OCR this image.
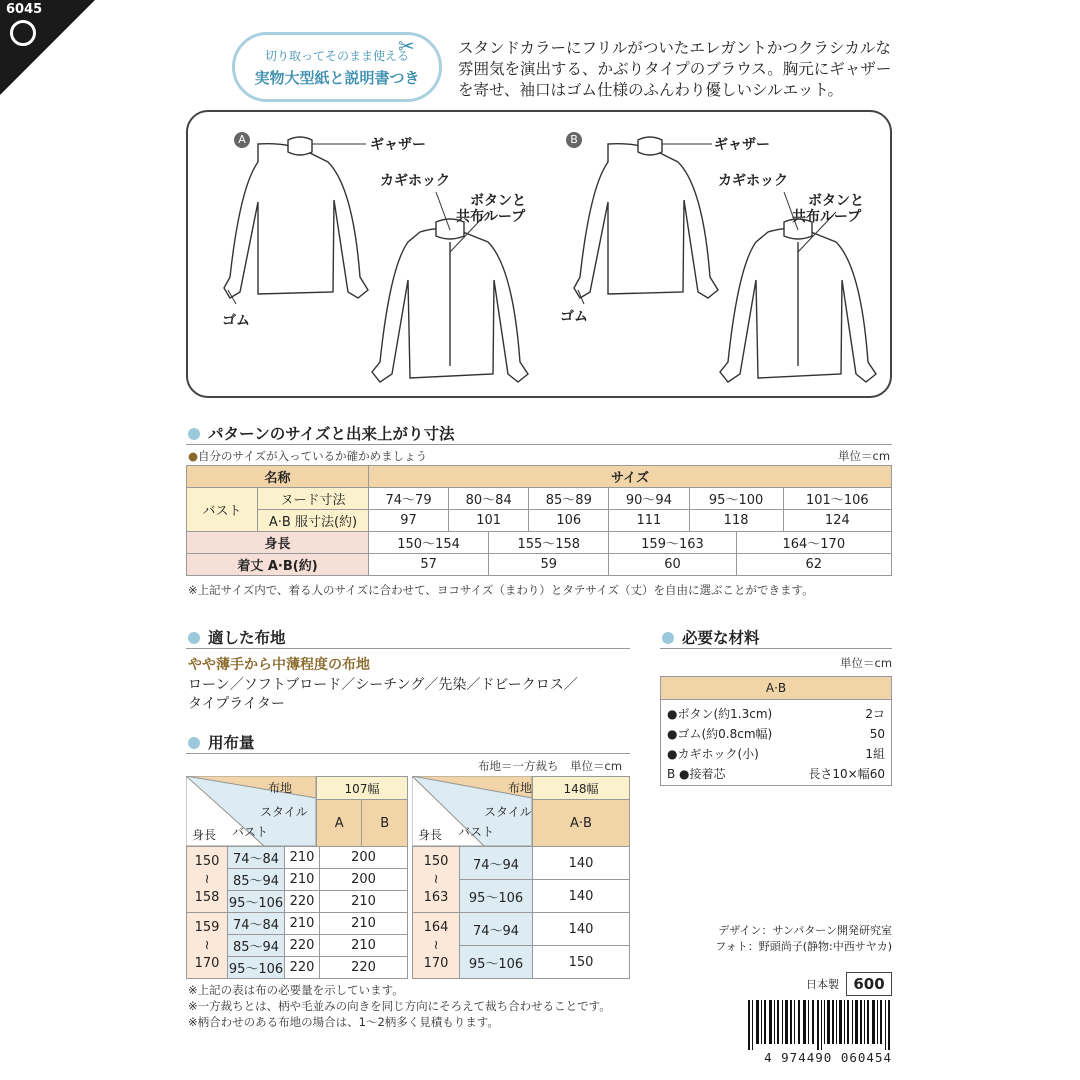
6045
切り取ってそのまま使える
実物大型紙と説明書つき
✂	スタンドカラーにフリルがついたエレガントかつクラシカルな雰囲気を演出する、かぶりタイプのブラウス。胸元にギャザーを寄せ、袖口はゴム仕様のふんわり優しいシルエット。
A	B
ギャザー
カギホック
ボタンと
共布ループ
ゴム
ギャザー
カギホック
ボタンと
共布ループ
ゴム
パターンのサイズと出来上がり寸法
●自分のサイズが入っているか確かめましょう	単位＝cm
名称		サイズ							
バスト	ヌード寸法	74〜79	80〜84		85〜89	90〜94	95〜100		101〜106
	A·B 服寸法(約)	97	101		106	111	118		124
身長		150〜154		155〜158		159〜163		164〜170	
着丈 A·B(約)		57		59		60		62	
※上記サイズ内で、着る人のサイズに合わせて、ヨコサイズ（まわり）とタテサイズ（丈）を自由に選ぶことができます。
適した布地
やや薄手から中薄程度の布地
ローン／ソフトブロード／シーチング／先染／ドビークロス／
タイプライター
用布量
布地＝一方裁ち　単位＝cm
布地
スタイル
バスト
身長
107幅
A	B
150
≀
158	74〜84	210	200
	85〜94	210	200
	95〜106	220	210
159
≀
170	74〜84	210	210
	85〜94	220	210
	95〜106	220	220
布地
スタイル
バスト
身長
148幅
A·B
150
≀
163	74〜94	140
	95〜106	140
164
≀
170	74〜94	140
	95〜106	150
※上記の表は布の必要量を示しています。
※一方裁ちとは、柄や毛並みの向きを同じ方向にそろえて裁ち合わせることです。
※柄合わせのある布地の場合は、1〜2柄多く見積もります。
必要な材料
単位＝cm
A·B
●ボタン(約1.3cm)	2コ
●ゴム(約0.8cm幅)	50
●カギホック(小)	1組
B ●接着芯	長さ10×幅60
デザイン：サンパターン開発研究室
フォト：野頭尚子(静物:中西サヤカ)
日本製 600
4 974490 060454
